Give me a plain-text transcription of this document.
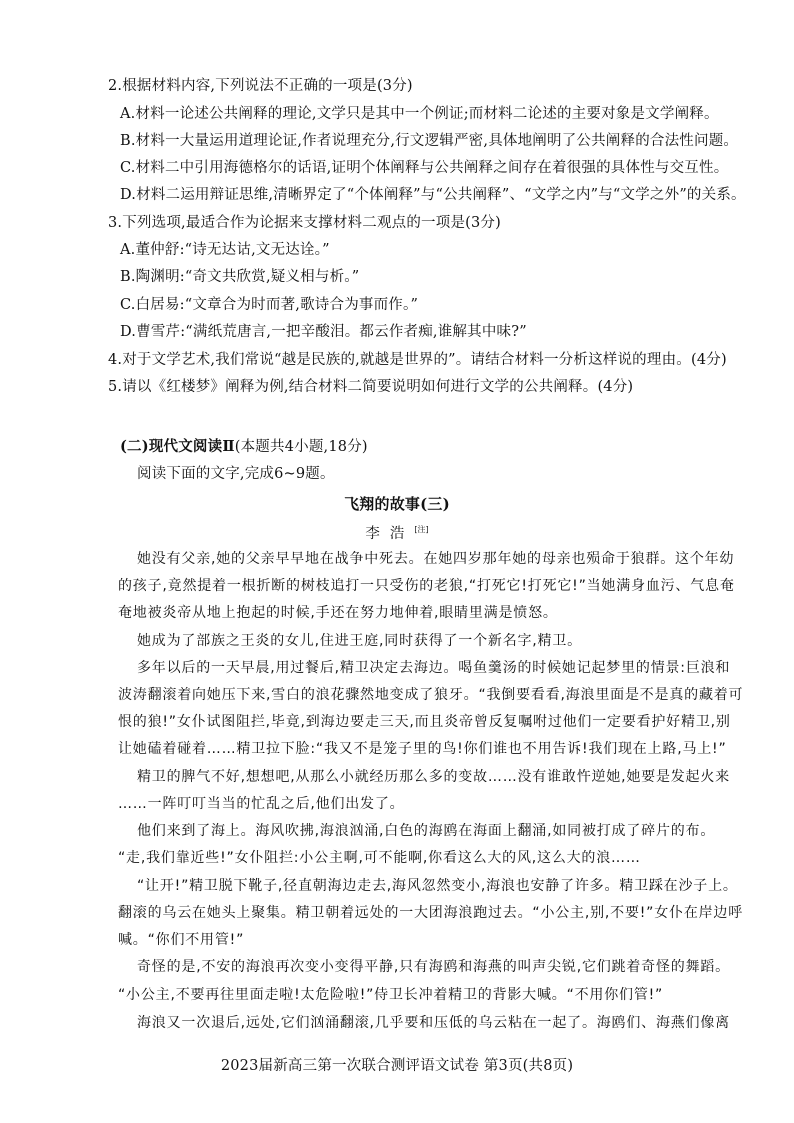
2.根据材料内容,下列说法不正确的一项是(3分)
A.材料一论述公共阐释的理论,文学只是其中一个例证;而材料二论述的主要对象是文学阐释。
B.材料一大量运用道理论证,作者说理充分,行文逻辑严密,具体地阐明了公共阐释的合法性问题。
C.材料二中引用海德格尔的话语,证明个体阐释与公共阐释之间存在着很强的具体性与交互性。
D.材料二运用辩证思维,清晰界定了“个体阐释”与“公共阐释”、“文学之内”与“文学之外”的关系。
3.下列选项,最适合作为论据来支撑材料二观点的一项是(3分)
A.董仲舒:“诗无达诂,文无达诠。”
B.陶渊明:“奇文共欣赏,疑义相与析。”
C.白居易:“文章合为时而著,歌诗合为事而作。”
D.曹雪芹:“满纸荒唐言,一把辛酸泪。都云作者痴,谁解其中味?”
4.对于文学艺术,我们常说“越是民族的,就越是世界的”。请结合材料一分析这样说的理由。(4分)
5.请以《红楼梦》阐释为例,结合材料二简要说明如何进行文学的公共阐释。(4分)
(二)现代文阅读Ⅱ(本题共4小题,18分)
阅读下面的文字,完成6~9题。
飞翔的故事(三)
李浩[注]
她没有父亲,她的父亲早早地在战争中死去。在她四岁那年她的母亲也殒命于狼群。这个年幼
的孩子,竟然提着一根折断的树枝追打一只受伤的老狼,“打死它!打死它!”当她满身血污、气息奄
奄地被炎帝从地上抱起的时候,手还在努力地伸着,眼睛里满是愤怒。
她成为了部族之王炎的女儿,住进王庭,同时获得了一个新名字,精卫。
多年以后的一天早晨,用过餐后,精卫决定去海边。喝鱼羹汤的时候她记起梦里的情景:巨浪和
波涛翻滚着向她压下来,雪白的浪花骤然地变成了狼牙。“我倒要看看,海浪里面是不是真的藏着可
恨的狼!”女仆试图阻拦,毕竟,到海边要走三天,而且炎帝曾反复嘱咐过他们一定要看护好精卫,别
让她磕着碰着……精卫拉下脸:“我又不是笼子里的鸟!你们谁也不用告诉!我们现在上路,马上!”
精卫的脾气不好,想想吧,从那么小就经历那么多的变故……没有谁敢忤逆她,她要是发起火来
……一阵叮叮当当的忙乱之后,他们出发了。
他们来到了海上。海风吹拂,海浪汹涌,白色的海鸥在海面上翻涌,如同被打成了碎片的布。
“走,我们靠近些!”女仆阻拦:小公主啊,可不能啊,你看这么大的风,这么大的浪……
“让开!”精卫脱下靴子,径直朝海边走去,海风忽然变小,海浪也安静了许多。精卫踩在沙子上。
翻滚的乌云在她头上聚集。精卫朝着远处的一大团海浪跑过去。“小公主,别,不要!”女仆在岸边呼
喊。“你们不用管!”
奇怪的是,不安的海浪再次变小变得平静,只有海鸥和海燕的叫声尖锐,它们跳着奇怪的舞蹈。
“小公主,不要再往里面走啦!太危险啦!”侍卫长冲着精卫的背影大喊。“不用你们管!”
海浪又一次退后,远处,它们汹涌翻滚,几乎要和压低的乌云粘在一起了。海鸥们、海燕们像离
2023届新高三第一次联合测评语文试卷 第3页(共8页)
